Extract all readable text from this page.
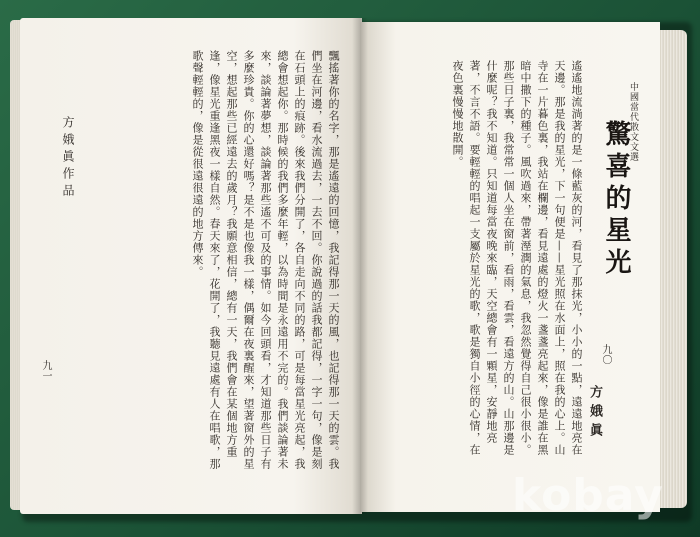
中國當代散文文選
驚喜的星光
九〇
方娥眞
遙遙地流淌著的是一條藍灰的河，看見了那抹光，小小的一點，遠遠地亮在天邊。那是我的星光，下一句便是——星光照在水面上，照在我的心上。山寺在一片暮色裏，我站在欄邊，看見遠處的燈火一盞盞亮起來，像是誰在黑暗中撒下的種子。風吹過來，帶著溼潤的氣息，我忽然覺得自己很小很小。那些日子裏，我常常一個人坐在窗前，看雨，看雲，看遠方的山。山那邊是什麼呢？我不知道。只知道每當夜晚來臨，天空總會有一顆星，安靜地亮著，不言不語。要輕輕的唱起一支屬於星光的歌，歌是獨自小徑的心情，在夜色裏慢慢地散開。
方娥眞作品
九一	飄搖著你的名字，那是遙遠的回憶，我記得那一天的風，也記得那一天的雲。我們坐在河邊，看水流過去，一去不回。你說過的話我都記得，一字一句，像是刻在石頭上的痕跡。後來我們分開了，各自走向不同的路，可是每當星光亮起，我總會想起你。那時候的我們多麼年輕，以為時間是永遠用不完的。我們談論著未來，談論著夢想，談論著那些遙不可及的事情。如今回頭看，才知道那些日子有多麼珍貴。你的心還好嗎？是不是也像我一樣，偶爾在夜裏醒來，望著窗外的星空，想起那些已經遠去的歲月？我願意相信，總有一天，我們會在某個地方重逢，像星光重逢黑夜一樣自然。春天來了，花開了，我聽見遠處有人在唱歌，那歌聲輕輕的，像是從很遠很遠的地方傳來。
kobay
